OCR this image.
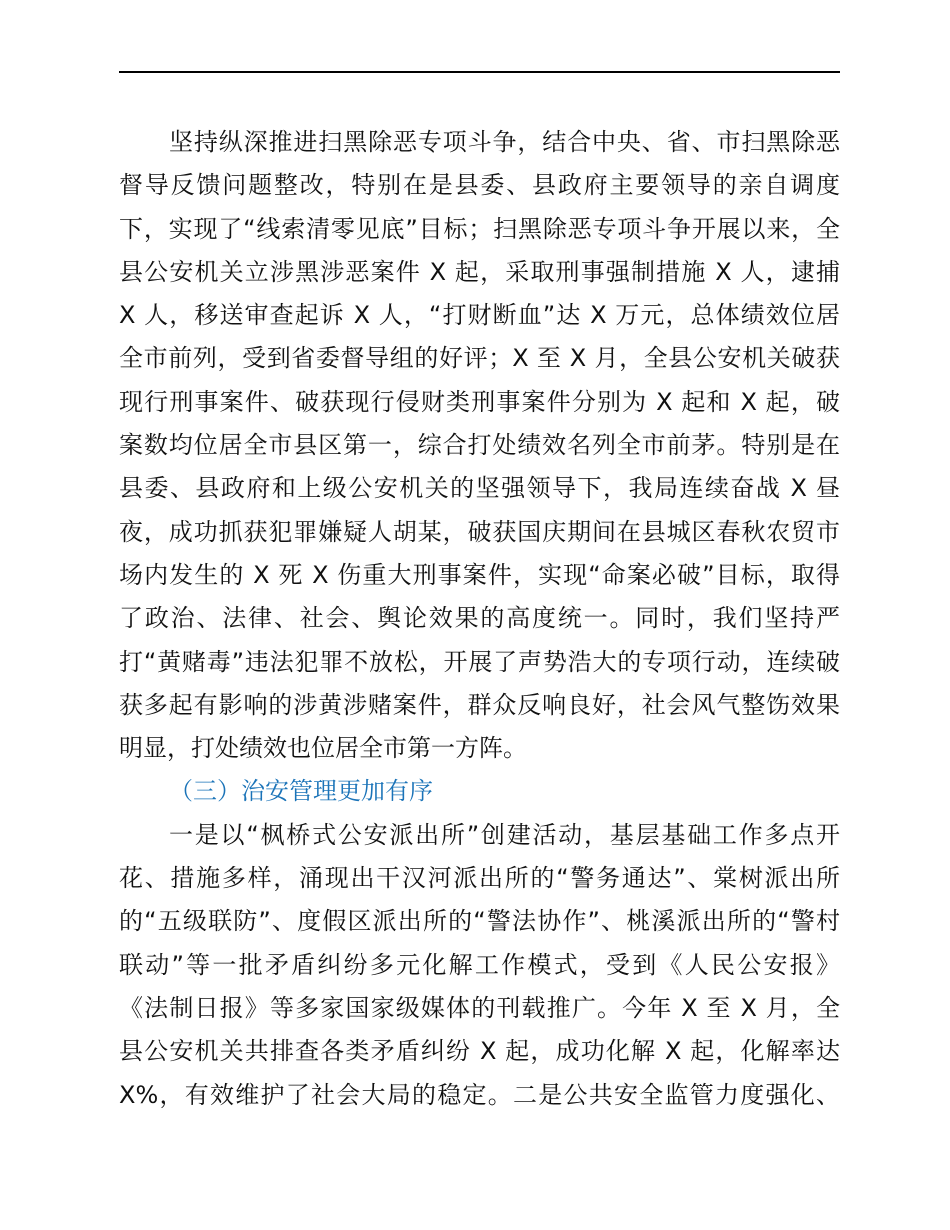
坚持纵深推进扫黑除恶专项斗争，结合中央、省、市扫黑除恶
督导反馈问题整改，特别在是县委、县政府主要领导的亲自调度
下，实现了“线索清零见底”目标；扫黑除恶专项斗争开展以来，全
县公安机关立涉黑涉恶案件 X 起，采取刑事强制措施 X 人，逮捕
X 人，移送审查起诉 X 人，“打财断血”达 X 万元，总体绩效位居
全市前列，受到省委督导组的好评；X 至 X 月，全县公安机关破获
现行刑事案件、破获现行侵财类刑事案件分别为 X 起和 X 起，破
案数均位居全市县区第一，综合打处绩效名列全市前茅。特别是在
县委、县政府和上级公安机关的坚强领导下，我局连续奋战 X 昼
夜，成功抓获犯罪嫌疑人胡某，破获国庆期间在县城区春秋农贸市
场内发生的 X 死 X 伤重大刑事案件，实现“命案必破”目标，取得
了政治、法律、社会、舆论效果的高度统一。同时，我们坚持严
打“黄赌毒”违法犯罪不放松，开展了声势浩大的专项行动，连续破
获多起有影响的涉黄涉赌案件，群众反响良好，社会风气整饬效果
明显，打处绩效也位居全市第一方阵。
（三）治安管理更加有序
一是以“枫桥式公安派出所”创建活动，基层基础工作多点开
花、措施多样，涌现出干汉河派出所的“警务通达”、棠树派出所
的“五级联防”、度假区派出所的“警法协作”、桃溪派出所的“警村
联动”等一批矛盾纠纷多元化解工作模式，受到《人民公安报》
《法制日报》等多家国家级媒体的刊载推广。今年 X 至 X 月，全
县公安机关共排查各类矛盾纠纷 X 起，成功化解 X 起，化解率达
X%，有效维护了社会大局的稳定。二是公共安全监管力度强化、
